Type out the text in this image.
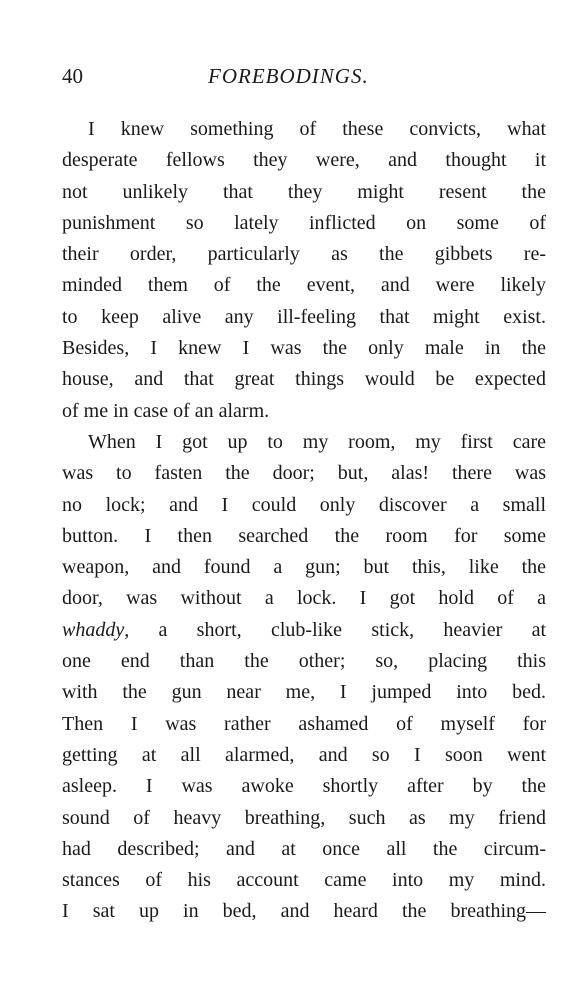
40	FOREBODINGS.
I knew something of these convicts, what
desperate fellows they were, and thought it
not unlikely that they might resent the
punishment so lately inflicted on some of
their order, particularly as the gibbets re-
minded them of the event, and were likely
to keep alive any ill-feeling that might exist.
Besides, I knew I was the only male in the
house, and that great things would be expected
of me in case of an alarm.
When I got up to my room, my first care
was to fasten the door; but, alas! there was
no lock; and I could only discover a small
button. I then searched the room for some
weapon, and found a gun; but this, like the
door, was without a lock. I got hold of a
whaddy, a short, club-like stick, heavier at
one end than the other; so, placing this
with the gun near me, I jumped into bed.
Then I was rather ashamed of myself for
getting at all alarmed, and so I soon went
asleep. I was awoke shortly after by the
sound of heavy breathing, such as my friend
had described; and at once all the circum-
stances of his account came into my mind.
I sat up in bed, and heard the breathing—
